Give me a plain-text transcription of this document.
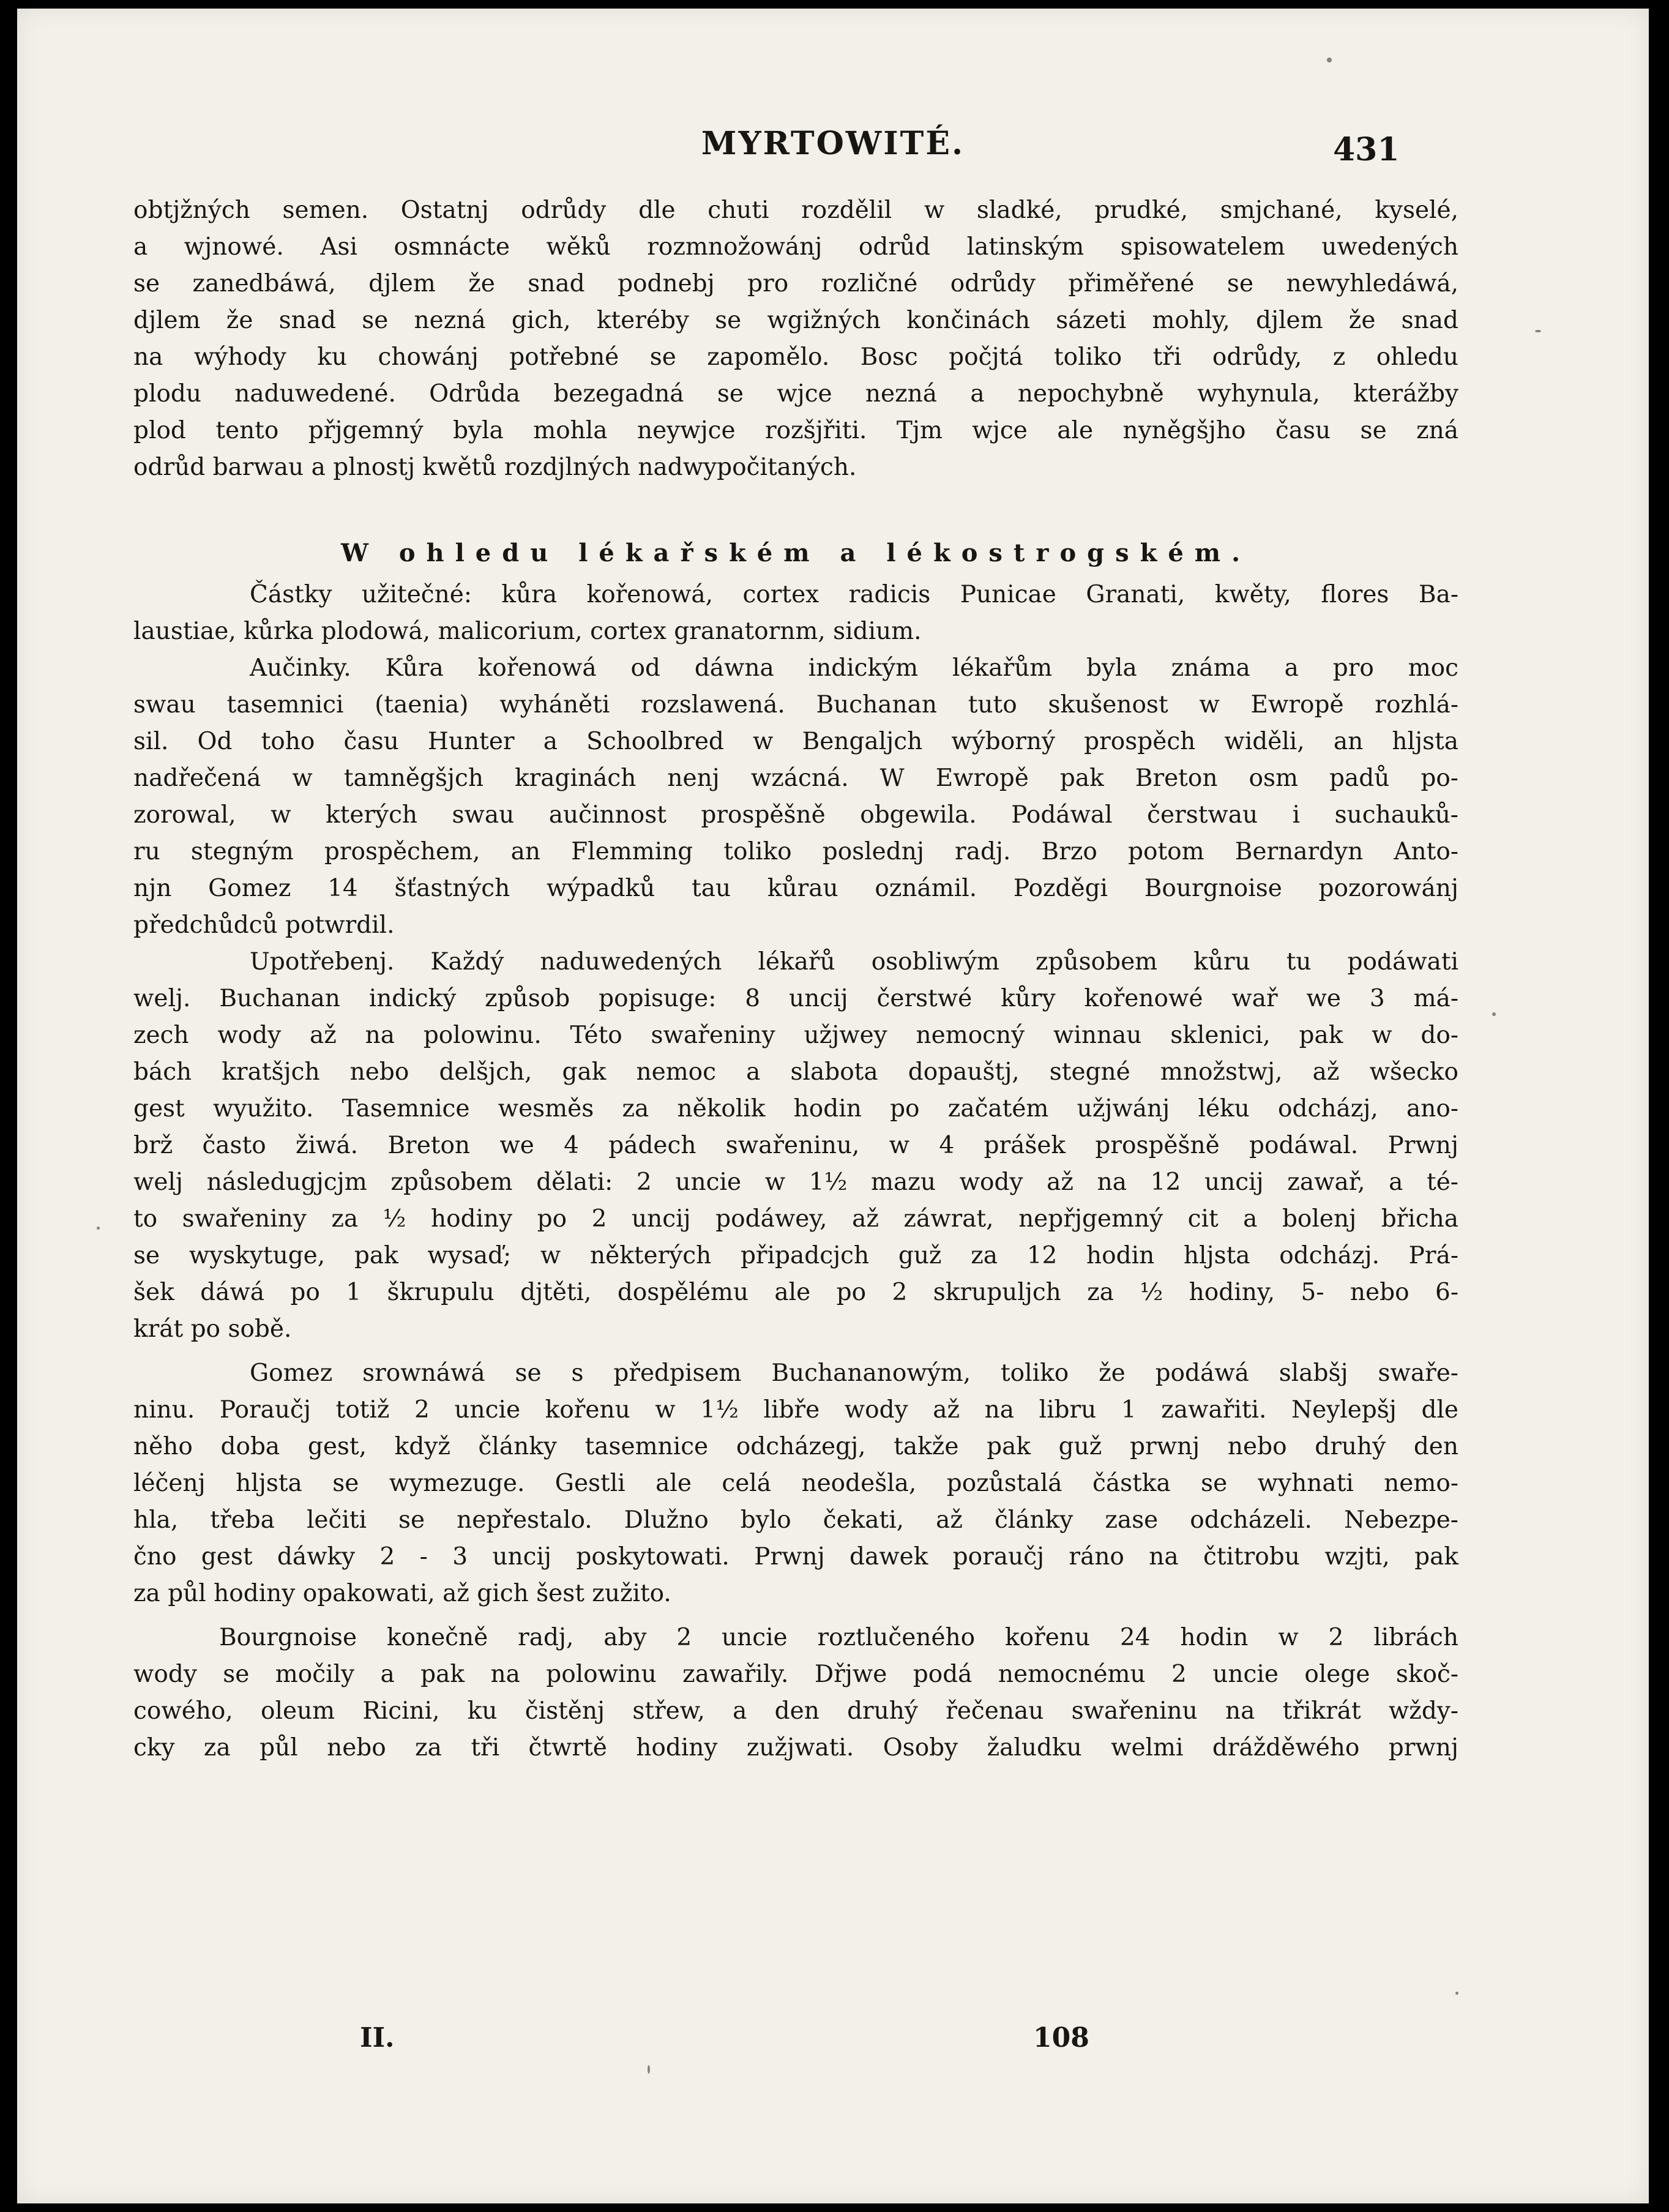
MYRTOWITÉ.	431
obtjžných semen. Ostatnj odrůdy dle chuti rozdělil w sladké, prudké, smjchané, kyselé,
a wjnowé. Asi osmnácte wěků rozmnožowánj odrůd latinským spisowatelem uwedených
se zanedbáwá, djlem že snad podnebj pro rozličné odrůdy přiměřené se newyhledáwá,
djlem že snad se nezná gich, kteréby se wgižných končinách sázeti mohly, djlem že snad
na wýhody ku chowánj potřebné se zapomělo. Bosc počjtá toliko tři odrůdy, z ohledu
plodu naduwedené. Odrůda bezegadná se wjce nezná a nepochybně wyhynula, kterážby
plod tento přjgemný byla mohla neywjce rozšjřiti. Tjm wjce ale nyněgšjho času se zná
odrůd barwau a plnostj kwětů rozdjlných nadwypočitaných.
W ohledu lékařském a lékostrogském.
Částky užitečné: kůra kořenowá, cortex radicis Punicae Granati, kwěty, flores Ba-
laustiae, kůrka plodowá, malicorium, cortex granatornm, sidium.
Aučinky. Kůra kořenowá od dáwna indickým lékařům byla známa a pro moc
swau tasemnici (taenia) wyháněti rozslawená. Buchanan tuto skušenost w Ewropě rozhlá-
sil. Od toho času Hunter a Schoolbred w Bengaljch wýborný prospěch widěli, an hljsta
nadřečená w tamněgšjch kraginách nenj wzácná. W Ewropě pak Breton osm padů po-
zorowal, w kterých swau aučinnost prospěšně obgewila. Podáwal čerstwau i suchauků-
ru stegným prospěchem, an Flemming toliko poslednj radj. Brzo potom Bernardyn Anto-
njn Gomez 14 šťastných wýpadků tau kůrau oznámil. Pozděgi Bourgnoise pozorowánj
předchůdců potwrdil.
Upotřebenj. Každý naduwedených lékařů osobliwým způsobem kůru tu podáwati
welj. Buchanan indický způsob popisuge: 8 uncij čerstwé kůry kořenowé wař we 3 má-
zech wody až na polowinu. Této swařeniny užjwey nemocný winnau sklenici, pak w do-
bách kratšjch nebo delšjch, gak nemoc a slabota dopauštj, stegné množstwj, až wšecko
gest wyužito. Tasemnice wesměs za několik hodin po začatém užjwánj léku odcházj, ano-
brž často žiwá. Breton we 4 pádech swařeninu, w 4 prášek prospěšně podáwal. Prwnj
welj následugjcjm způsobem dělati: 2 uncie w 1½ mazu wody až na 12 uncij zawař, a té-
to swařeniny za ½ hodiny po 2 uncij podáwey, až záwrat, nepřjgemný cit a bolenj břicha
se wyskytuge, pak wysaď; w některých připadcjch guž za 12 hodin hljsta odcházj. Prá-
šek dáwá po 1 škrupulu djtěti, dospělému ale po 2 skrupuljch za ½ hodiny, 5- nebo 6-
krát po sobě.
Gomez srownáwá se s předpisem Buchananowým, toliko že podáwá slabšj swaře-
ninu. Poraučj totiž 2 uncie kořenu w 1½ libře wody až na libru 1 zawařiti. Neylepšj dle
něho doba gest, když články tasemnice odcházegj, takže pak guž prwnj nebo druhý den
léčenj hljsta se wymezuge. Gestli ale celá neodešla, pozůstalá částka se wyhnati nemo-
hla, třeba lečiti se nepřestalo. Dlužno bylo čekati, až články zase odcházeli. Nebezpe-
čno gest dáwky 2 - 3 uncij poskytowati. Prwnj dawek poraučj ráno na čtitrobu wzjti, pak
za půl hodiny opakowati, až gich šest zužito.
Bourgnoise konečně radj, aby 2 uncie roztlučeného kořenu 24 hodin w 2 librách
wody se močily a pak na polowinu zawařily. Dřjwe podá nemocnému 2 uncie olege skoč-
cowého, oleum Ricini, ku čistěnj střew, a den druhý řečenau swařeninu na třikrát wždy-
cky za půl nebo za tři čtwrtě hodiny zužjwati. Osoby žaludku welmi drážděwého prwnj
II.	108
